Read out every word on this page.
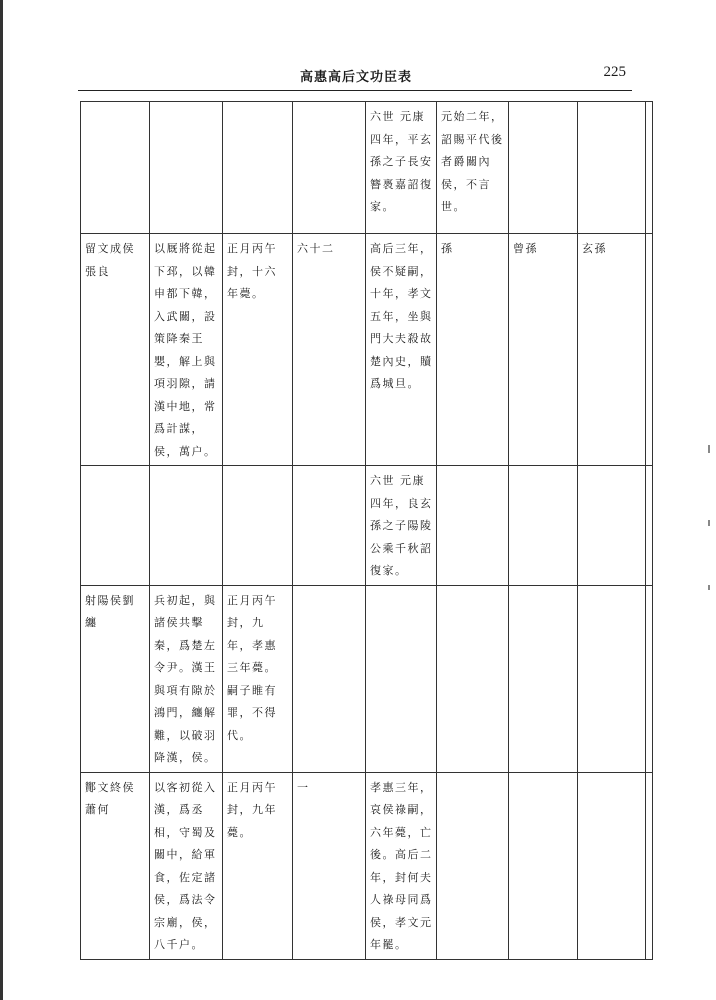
高惠高后文功臣表	225
				六世 元康四年，平玄孫之子長安簪褭嘉詔復家。	元始二年，詔賜平代後者爵關內侯，不言世。			
留文成侯張良	以厩將從起下邳，以韓申都下韓，入武關，設策降秦王嬰，解上與項羽隙，請漢中地，常爲計謀，侯，萬户。	正月丙午封，十六年薨。	六十二	高后三年，侯不疑嗣，十年，孝文五年，坐與門大夫殺故楚內史，贖爲城旦。	孫	曾孫	玄孫	
				六世 元康四年，良玄孫之子陽陵公乘千秋詔復家。				
射陽侯劉纏	兵初起，與諸侯共擊秦，爲楚左令尹。漢王與項有隙於鴻門，纏解難，以破羽降漢，侯。	正月丙午封，九年，孝惠三年薨。嗣子睢有罪，不得代。						
酇文終侯蕭何	以客初從入漢，爲丞相，守蜀及關中，給軍食，佐定諸侯，爲法令宗廟，侯，八千户。	正月丙午封，九年薨。	一	孝惠三年，哀侯祿嗣，六年薨，亡後。高后二年，封何夫人祿母同爲侯，孝文元年罷。				
